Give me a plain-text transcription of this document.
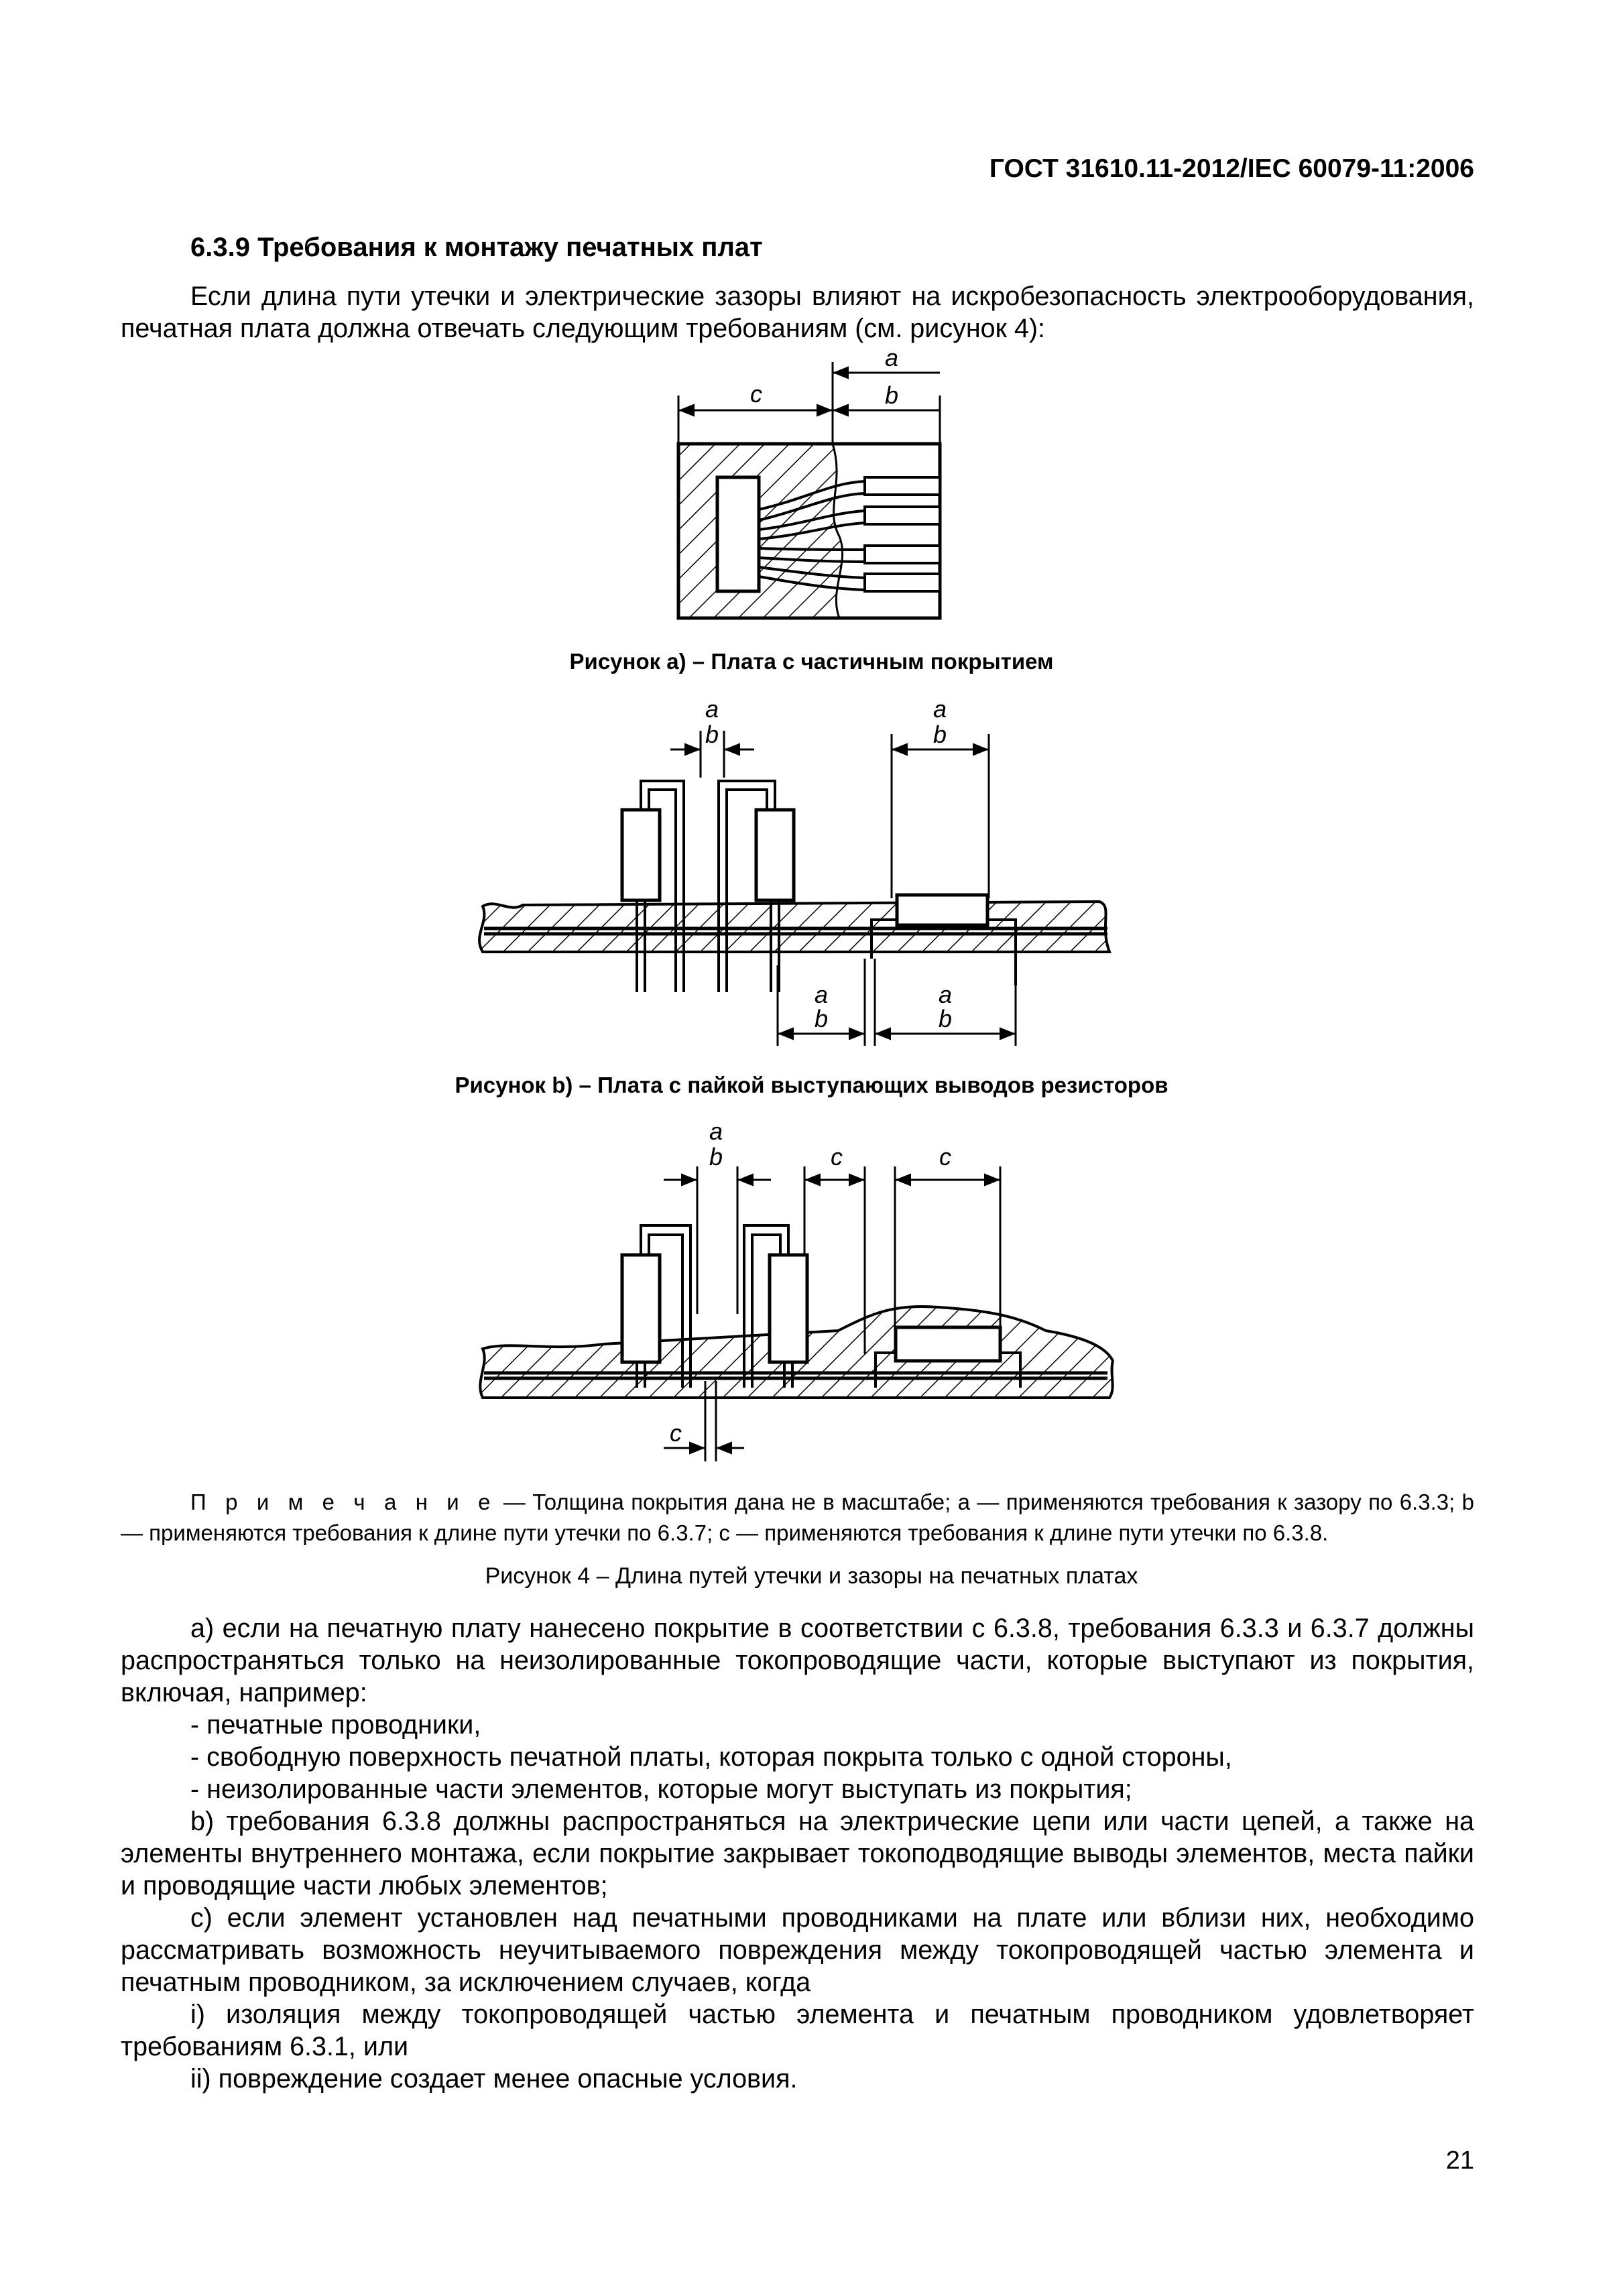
ГОСТ 31610.11-2012/IEC 60079-11:2006
6.3.9 Требования к монтажу печатных плат

Если длина пути утечки и электрические зазоры влияют на искробезопасность электрооборудования, печатная плата должна отвечать следующим требованиям (см. рисунок 4):

c
a
b
a
b
a
b
a
b
a
b
a
b	c	c
c
Рисунок а) – Плата с частичным покрытием
Рисунок b) – Плата с пайкой выступающих выводов резисторов

П р и м е ч а н и е — Толщина покрытия дана не в масштабе; a — применяются требования к зазору по 6.3.3; b — применяются требования к длине пути утечки по 6.3.7; c — применяются требования к длине пути утечки по 6.3.8.

Рисунок 4 – Длина путей утечки и зазоры на печатных платах

а) если на печатную плату нанесено покрытие в соответствии с 6.3.8, требования 6.3.3 и 6.3.7 должны распространяться только на неизолированные токопроводящие части, которые выступают из покрытия, включая, например:

- печатные проводники,

- свободную поверхность печатной платы, которая покрыта только с одной стороны,

- неизолированные части элементов, которые могут выступать из покрытия;

b) требования 6.3.8 должны распространяться на электрические цепи или части цепей, а также на элементы внутреннего монтажа, если покрытие закрывает токоподводящие выводы элементов, места пайки и проводящие части любых элементов;

с) если элемент установлен над печатными проводниками на плате или вблизи них, необходимо рассматривать возможность неучитываемого повреждения между токопроводящей частью элемента и печатным проводником, за исключением случаев, когда

i) изоляция между токопроводящей частью элемента и печатным проводником удовлетворяет требованиям 6.3.1, или

ii) повреждение создает менее опасные условия.

21
